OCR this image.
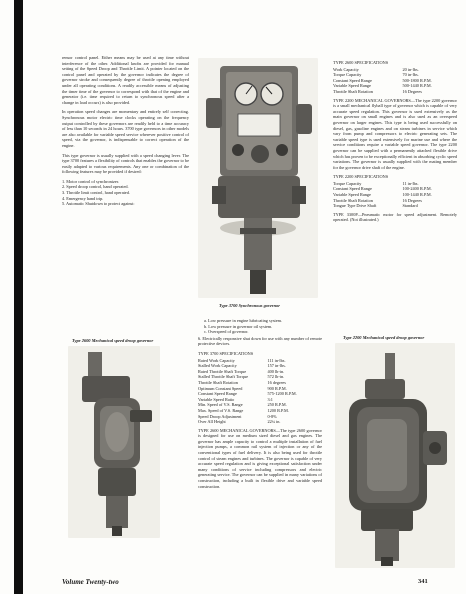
rensor control panel. Either means may be used at any time without interference of the other. Additional knobs are provided for manual setting of the Speed Droop and Throttle Limit. A pointer located on the control panel and operated by the governor indicates the degree of governor stroke and consequently degree of throttle opening employed under all operating conditions. A readily accessible means of adjusting the timer time of the governor to correspond with that of the engine and generator (i.e. time required to return to synchronous speed after a change in load occurs) is also provided.

In operation speed changes are momentary and entirely self correcting. Synchronous motor electric time clocks operating on the frequency output controlled by these governors are readily held to a time accuracy of less than 10 seconds in 24 hours. 3700 type governors in other models are also available for variable speed service wherever positive control of speed, via the governor, is indispensable to correct operation of the engine.

This type governor is usually supplied with a speed changing lever. The type 3700 features a flexibility of controls that enables the governor to be easily adapted to various requirements. Any one or combination of the following features may be provided if desired:

1. Motor control of synchronizer.
2. Speed droop control, hand operated.
3. Throttle limit control, hand operated.
4. Emergency hand trip.
5. Automatic Shutdown to protect against:
Type 3700 Synchronous governor
Type 2600 Mechanical speed droop governor
a. Low pressure in engine lubricating system.
b. Low pressure in governor oil system.
c. Overspeed of governor.

6. Electrically responsive shut down for use with any number of remote protective devices.

TYPE 3700 SPECIFICATIONS
Rated Work Capacity	111 in-lbs.
Stalled Work Capacity	157 in-lbs.
Rated Throttle Shaft Torque	400 lb-in.
Stalled Throttle Shaft Torque	572 lb-in.
Throttle Shaft Rotation	16 degrees
Optimum Constant Speed	900 R.P.M.
Constant Speed Range	575-1200 R.P.M.
Variable Speed Ratio	3:1
Min. Speed of V.S. Range	250 R.P.M.
Max. Speed of V.S. Range	1200 R.P.M.
Speed Droop Adjustment	0-8%
Over All Height	22¼ in.

TYPE 2600 MECHANICAL GOVERNORS—The type 2600 governor is designed for use on medium sized diesel and gas engines. The governor has ample capacity to control a multiple installation of fuel injection pumps, a common rail system of injection or any of the conventional types of fuel delivery. It is also being used for throttle control of steam engines and turbines. The governor is capable of very accurate speed regulation and is giving exceptional satisfaction under many conditions of service including compressors and electric generating service. The governor can be supplied in many variations of construction, including a built in flexible drive and variable speed construction.

TYPE 2600 SPECIFICATIONS
Work Capacity	20 in-lbs.
Torque Capacity	70 in-lbs.
Constant Speed Range	500-1800 R.P.M.
Variable Speed Range	500-1440 R.P.M.
Throttle Shaft Rotation	16 Degrees

TYPE 2200 MECHANICAL GOVERNORS—The type 2200 governor is a small mechanical flyball type of governor which is capable of very accurate speed regulation. This governor is used extensively as the main governor on small engines and is also used as an overspeed governor on larger engines. This type is being used successfully on diesel, gas, gasoline engines and on steam turbines in service which vary from pump and compressors to electric generating sets. The variable speed type is used extensively for marine use and where the service conditions require a variable speed governor. The type 2200 governor can be supplied with a permanently attached flexible drive which has proven to be exceptionally efficient in absorbing cyclic speed variations. The governor is usually supplied with the mating member for the governor drive shaft of the engine.

TYPE 2200 SPECIFICATIONS
Torque Capacity	11 in-lbs.
Constant Speed Range	100-2400 R.P.M.
Variable Speed Range	100-1440 R.P.M.
Throttle Shaft Rotation	16 Degrees
Tongue Type Drive Shaft	Standard

TYPE 3300P—Pneumatic motor for speed adjustment. Remotely operated. (Not illustrated.)

Type 2200 Mechanical speed droop governor
Volume Twenty-two	341
